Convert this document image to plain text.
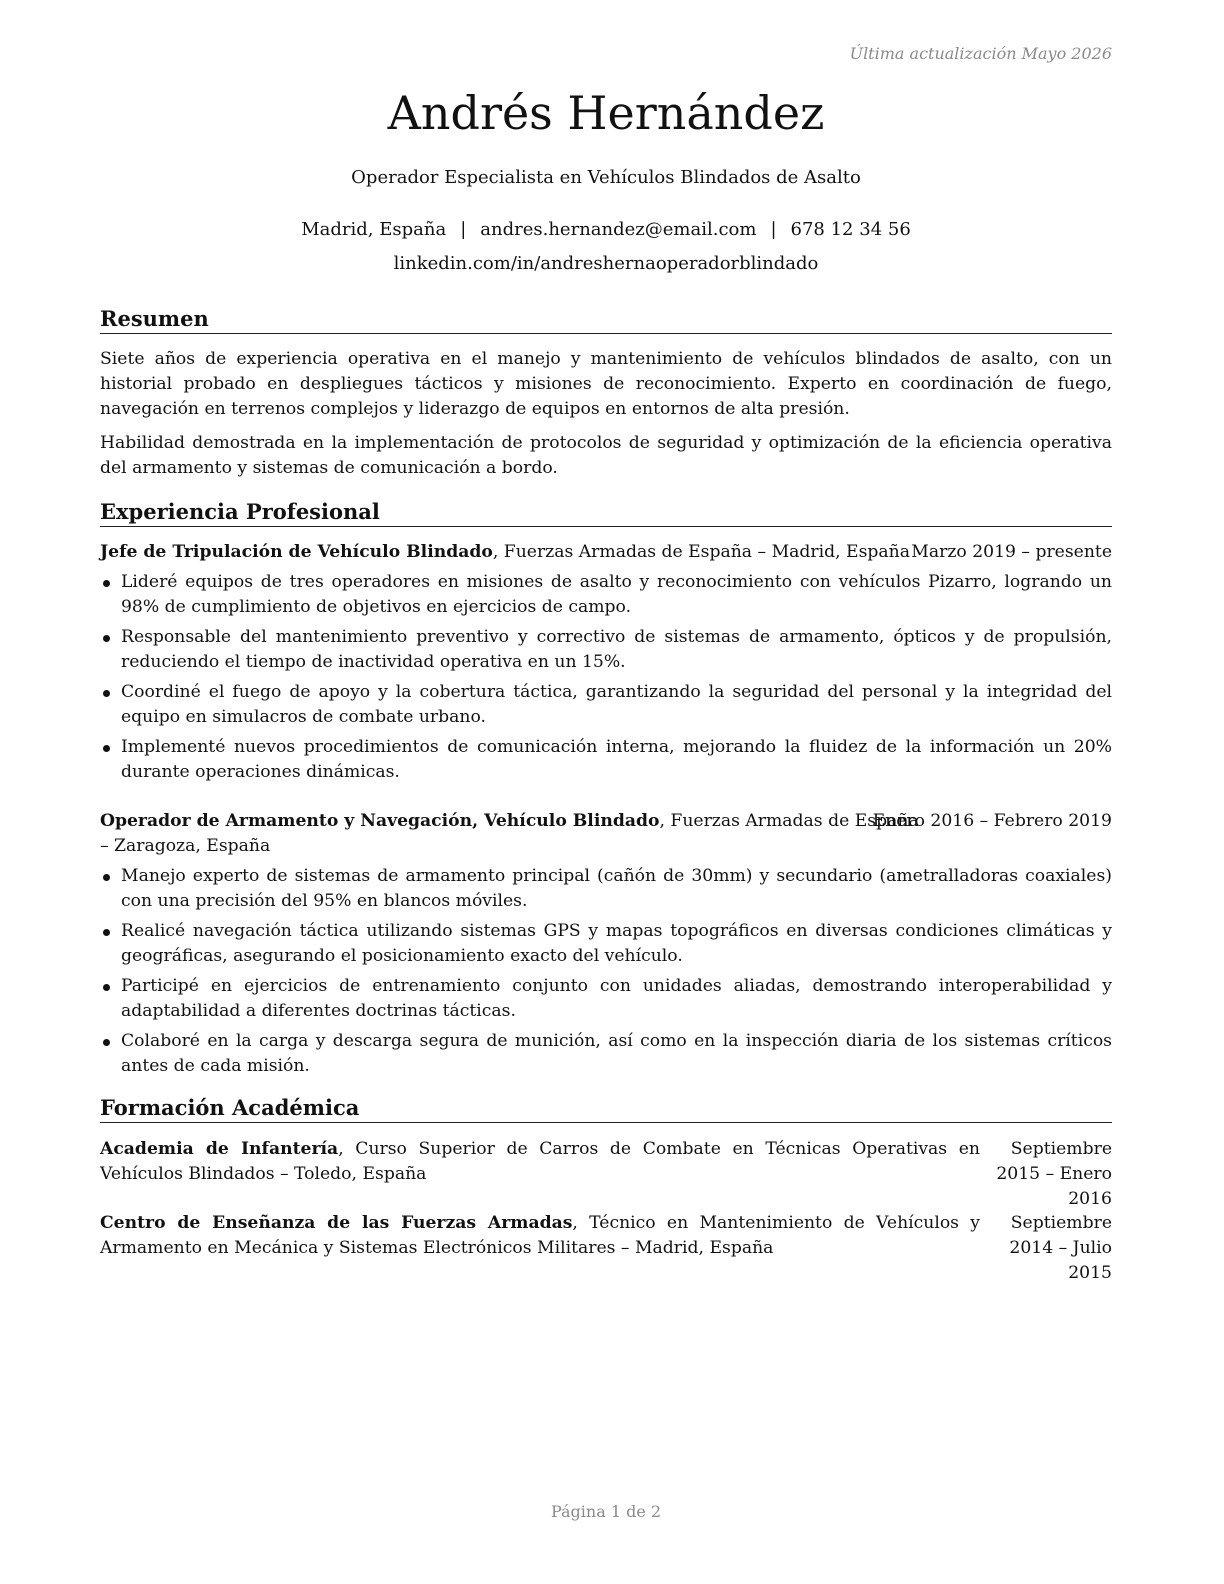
Última actualización Mayo 2026
Andrés Hernández
Operador Especialista en Vehículos Blindados de Asalto
Madrid, España | andres.hernandez@email.com | 678 12 34 56
linkedin.com/in/andreshernaoperadorblindado
Resumen

Siete años de experiencia operativa en el manejo y mantenimiento de vehículos blindados de asalto, con un historial probado en despliegues tácticos y misiones de reconocimiento. Experto en coordinación de fuego, navegación en terrenos complejos y liderazgo de equipos en entornos de alta presión.

Habilidad demostrada en la implementación de protocolos de seguridad y optimización de la eficiencia operativa del armamento y sistemas de comunicación a bordo.

Experiencia Profesional
Jefe de Tripulación de Vehículo Blindado, Fuerzas Armadas de España – Madrid, España Marzo 2019 – presente
Lideré equipos de tres operadores en misiones de asalto y reconocimiento con vehículos Pizarro, logrando un 98% de cumplimiento de objetivos en ejercicios de campo.
Responsable del mantenimiento preventivo y correctivo de sistemas de armamento, ópticos y de propulsión, reduciendo el tiempo de inactividad operativa en un 15%.
Coordiné el fuego de apoyo y la cobertura táctica, garantizando la seguridad del personal y la integridad del equipo en simulacros de combate urbano.
Implementé nuevos procedimientos de comunicación interna, mejorando la fluidez de la información un 20% durante operaciones dinámicas.
Operador de Armamento y Navegación, Vehículo Blindado, Fuerzas Armadas de España
– Zaragoza, España
Enero 2016 – Febrero 2019
Manejo experto de sistemas de armamento principal (cañón de 30mm) y secundario (ametralladoras coaxiales) con una precisión del 95% en blancos móviles.
Realicé navegación táctica utilizando sistemas GPS y mapas topográficos en diversas condiciones climáticas y geográficas, asegurando el posicionamiento exacto del vehículo.
Participé en ejercicios de entrenamiento conjunto con unidades aliadas, demostrando interoperabilidad y adaptabilidad a diferentes doctrinas tácticas.
Colaboré en la carga y descarga segura de munición, así como en la inspección diaria de los sistemas críticos antes de cada misión.
Formación Académica
Academia de Infantería, Curso Superior de Carros de Combate en Técnicas Operativas en Vehículos Blindados – Toledo, España
Septiembre 2015 – Enero
2016
Centro de Enseñanza de las Fuerzas Armadas, Técnico en Mantenimiento de Vehículos y Armamento en Mecánica y Sistemas Electrónicos Militares – Madrid, España
Septiembre 2014 – Julio
2015
Página 1 de 2
